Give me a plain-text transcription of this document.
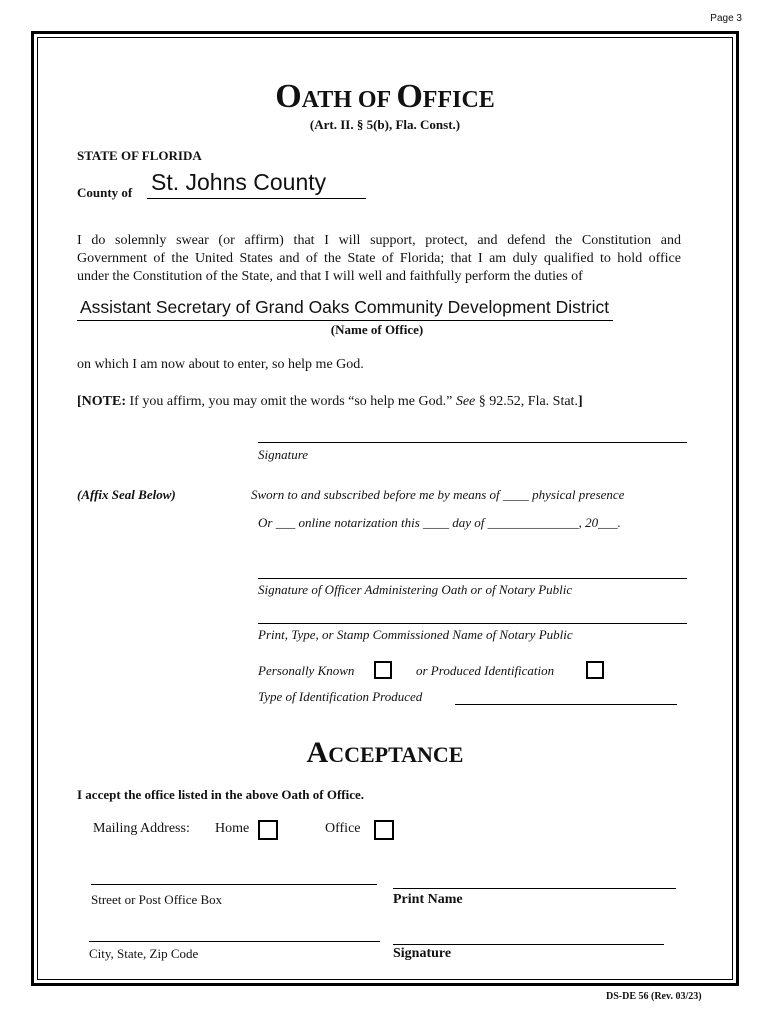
Page 3
OATH OF OFFICE
(Art. II. § 5(b), Fla. Const.)
STATE OF FLORIDA
County of St. Johns County
I do solemnly swear (or affirm) that I will support, protect, and defend the Constitution and
Government of the United States and of the State of Florida; that I am duly qualified to hold office
under the Constitution of the State, and that I will well and faithfully perform the duties of
Assistant Secretary of Grand Oaks Community Development District
(Name of Office)
on which I am now about to enter, so help me God.
[NOTE: If you affirm, you may omit the words “so help me God.” See § 92.52, Fla. Stat.]
Signature
(Affix Seal Below)	Sworn to and subscribed before me by means of ____ physical presence
Or ___ online notarization this ____ day of ______________, 20___.
Signature of Officer Administering Oath or of Notary Public
Print, Type, or Stamp Commissioned Name of Notary Public
Personally Known	or Produced Identification
Type of Identification Produced
ACCEPTANCE
I accept the office listed in the above Oath of Office.
Mailing Address: Home	Office
Street or Post Office Box	Print Name
City, State, Zip Code	Signature
DS-DE 56 (Rev. 03/23)
